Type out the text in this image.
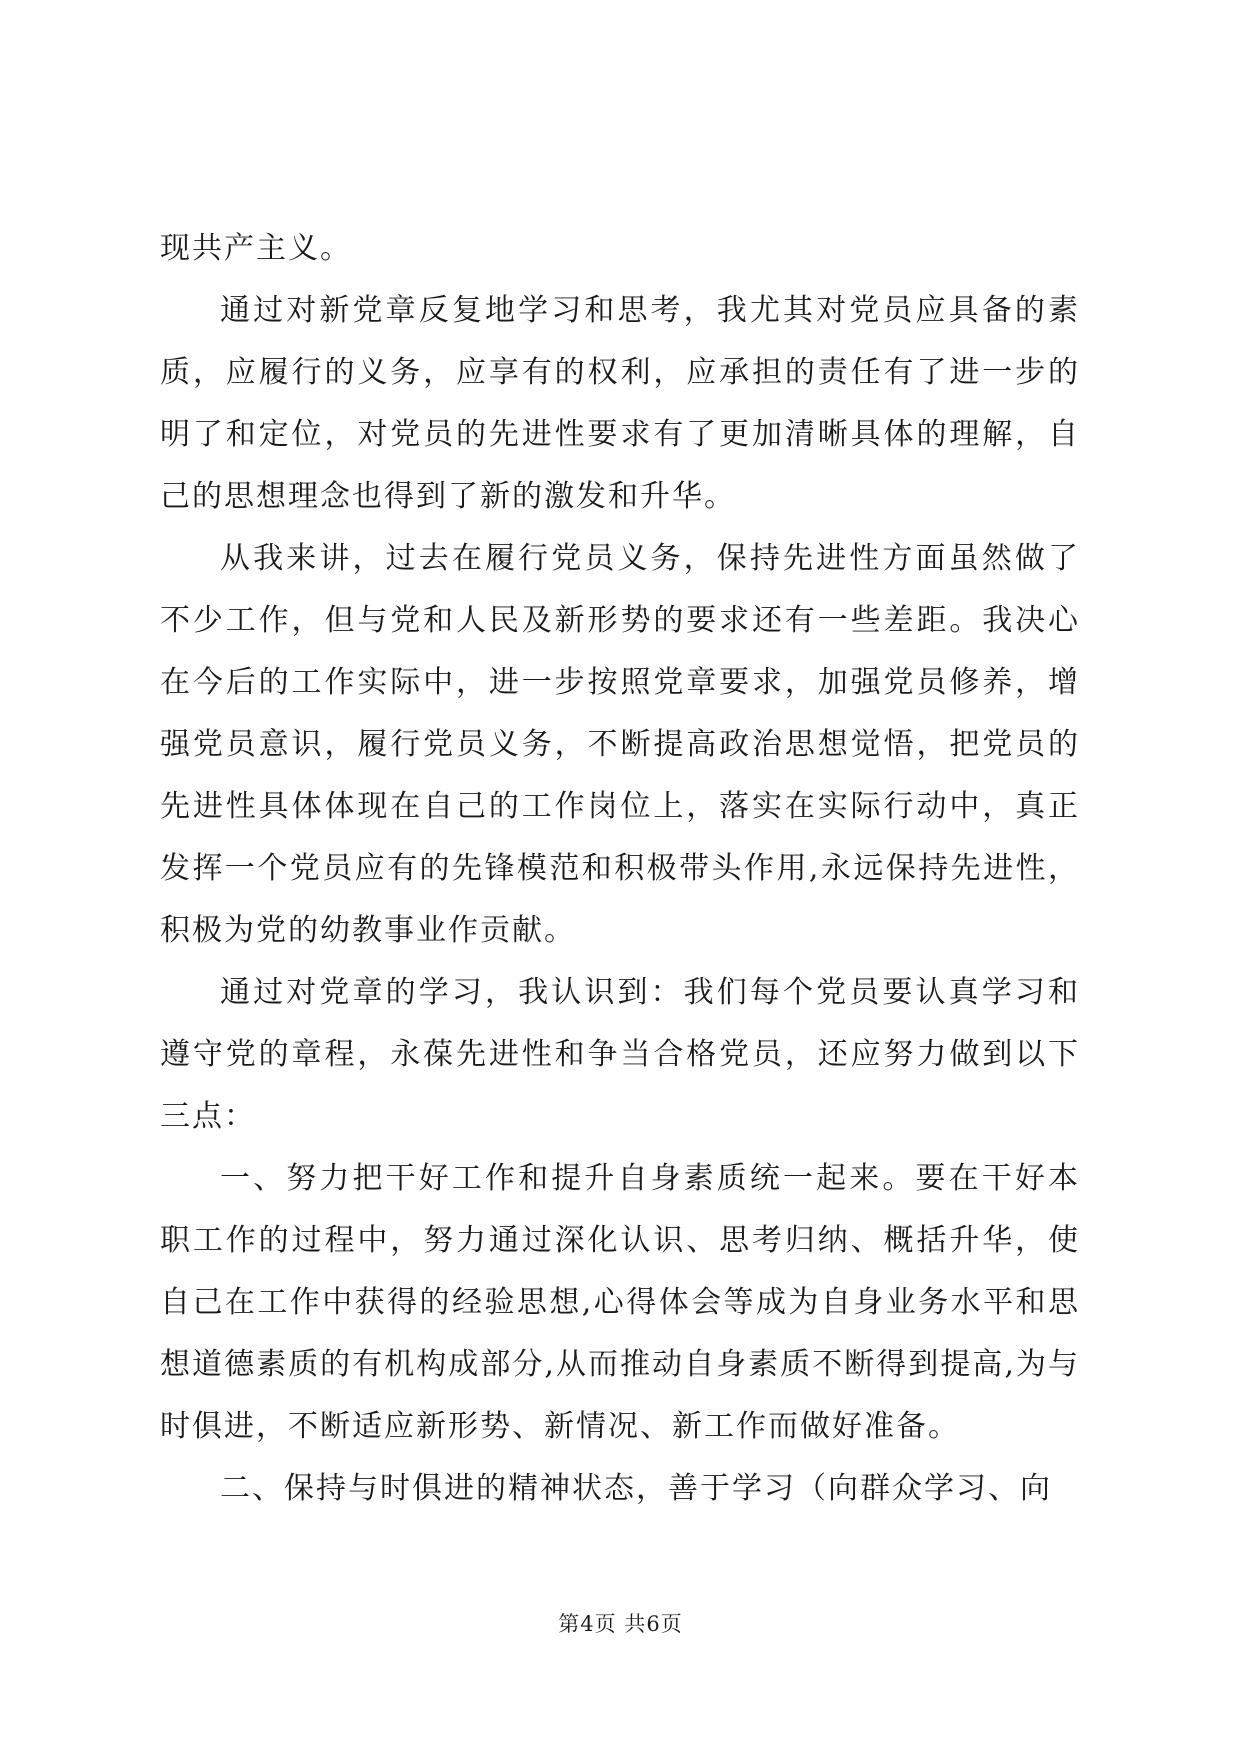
现共产主义。

通过对新党章反复地学习和思考，我尤其对党员应具备的素质，应履行的义务，应享有的权利，应承担的责任有了进一步的明了和定位，对党员的先进性要求有了更加清晰具体的理解，自己的思想理念也得到了新的激发和升华。

从我来讲，过去在履行党员义务，保持先进性方面虽然做了不少工作，但与党和人民及新形势的要求还有一些差距。我决心在今后的工作实际中，进一步按照党章要求，加强党员修养，增强党员意识，履行党员义务，不断提高政治思想觉悟，把党员的先进性具体体现在自己的工作岗位上，落实在实际行动中，真正发挥一个党员应有的先锋模范和积极带头作用,永远保持先进性，积极为党的幼教事业作贡献。

通过对党章的学习，我认识到：我们每个党员要认真学习和遵守党的章程，永葆先进性和争当合格党员，还应努力做到以下三点：

一、努力把干好工作和提升自身素质统一起来。要在干好本职工作的过程中，努力通过深化认识、思考归纳、概括升华，使自己在工作中获得的经验思想,心得体会等成为自身业务水平和思想道德素质的有机构成部分,从而推动自身素质不断得到提高,为与时俱进，不断适应新形势、新情况、新工作而做好准备。

二、保持与时俱进的精神状态，善于学习（向群众学习、向

第4页 共6页
